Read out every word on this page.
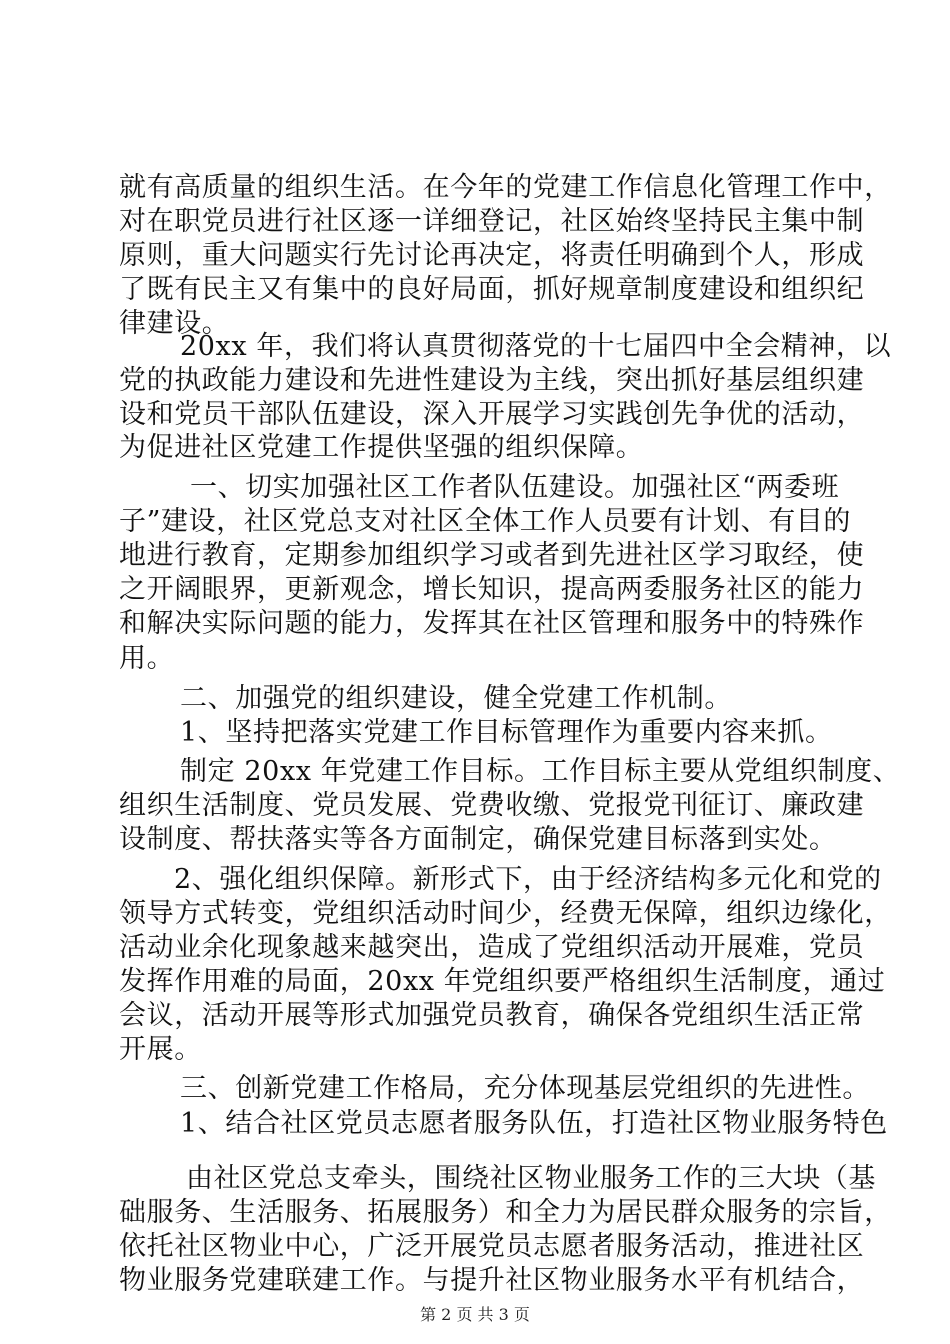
就有高质量的组织生活。在今年的党建工作信息化管理工作中，
对在职党员进行社区逐一详细登记，社区始终坚持民主集中制
原则，重大问题实行先讨论再决定，将责任明确到个人，形成
了既有民主又有集中的良好局面，抓好规章制度建设和组织纪
律建设。
20xx 年，我们将认真贯彻落党的十七届四中全会精神，以
党的执政能力建设和先进性建设为主线，突出抓好基层组织建
设和党员干部队伍建设，深入开展学习实践创先争优的活动，
为促进社区党建工作提供坚强的组织保障。
一、切实加强社区工作者队伍建设。加强社区“两委班
子”建设，社区党总支对社区全体工作人员要有计划、有目的
地进行教育，定期参加组织学习或者到先进社区学习取经，使
之开阔眼界，更新观念，增长知识，提高两委服务社区的能力
和解决实际问题的能力，发挥其在社区管理和服务中的特殊作
用。
二、加强党的组织建设，健全党建工作机制。
1、坚持把落实党建工作目标管理作为重要内容来抓。
制定 20xx 年党建工作目标。工作目标主要从党组织制度、
组织生活制度、党员发展、党费收缴、党报党刊征订、廉政建
设制度、帮扶落实等各方面制定，确保党建目标落到实处。
2、强化组织保障。新形式下，由于经济结构多元化和党的
领导方式转变，党组织活动时间少，经费无保障，组织边缘化，
活动业余化现象越来越突出，造成了党组织活动开展难，党员
发挥作用难的局面，20xx 年党组织要严格组织生活制度，通过
会议，活动开展等形式加强党员教育，确保各党组织生活正常
开展。
三、创新党建工作格局，充分体现基层党组织的先进性。
1、结合社区党员志愿者服务队伍，打造社区物业服务特色
由社区党总支牵头，围绕社区物业服务工作的三大块（基
础服务、生活服务、拓展服务）和全力为居民群众服务的宗旨，
依托社区物业中心，广泛开展党员志愿者服务活动，推进社区
物业服务党建联建工作。与提升社区物业服务水平有机结合，
第 2 页 共 3 页
